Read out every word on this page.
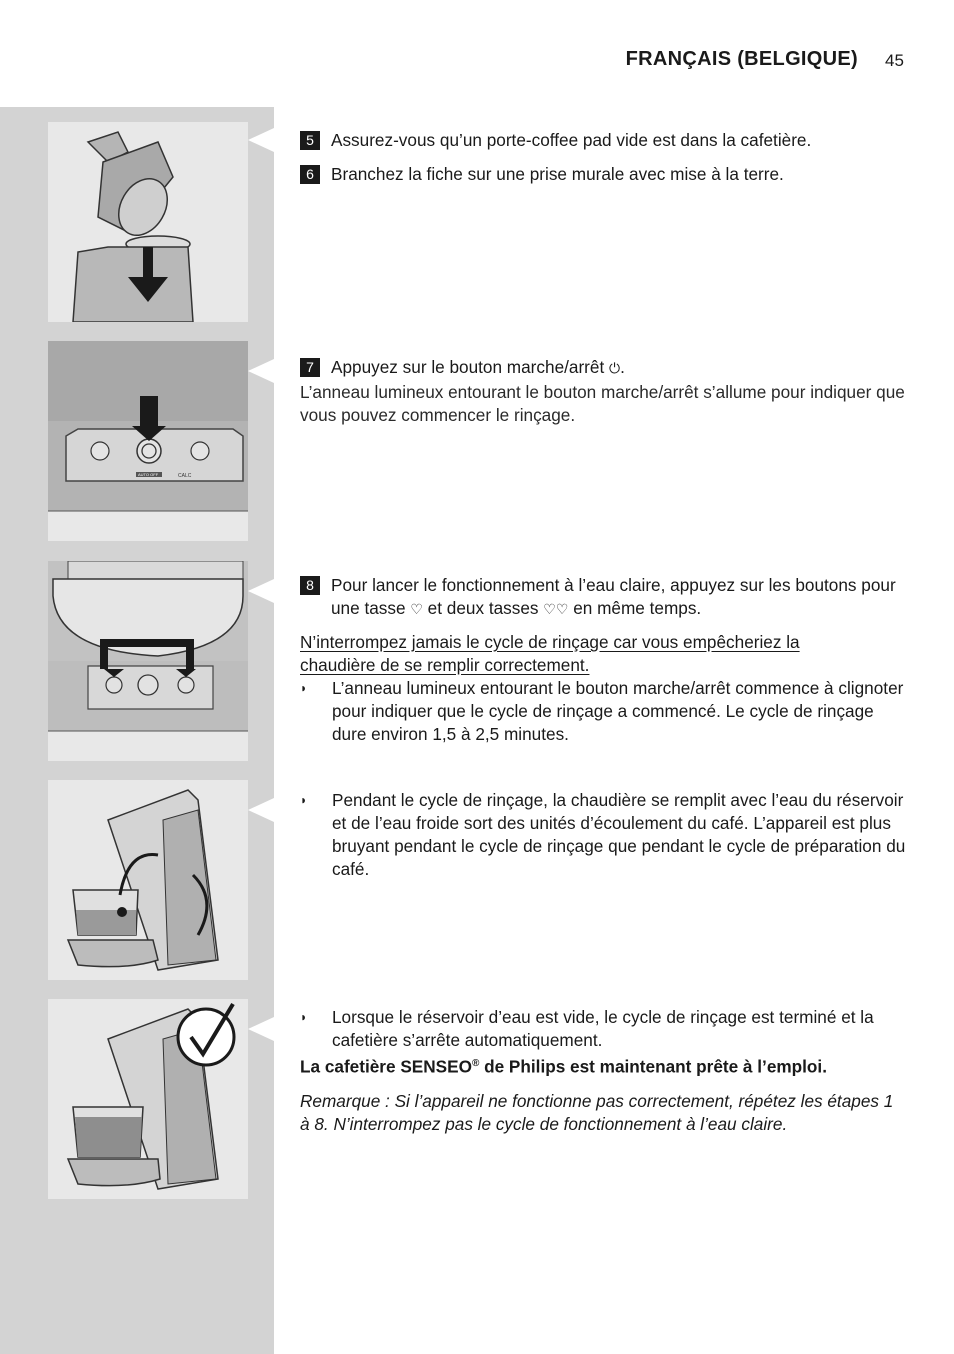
FRANÇAIS (BELGIQUE) 45
AUTO OFF	CALC
5 Assurez-vous qu’un porte-coffee pad vide est dans la cafetière.
6 Branchez la fiche sur une prise murale avec mise à la terre.
7 Appuyez sur le bouton marche/arrêt ⏻.
L’anneau lumineux entourant le bouton marche/arrêt s’allume pour indiquer que vous pouvez commencer le rinçage.
8 Pour lancer le fonctionnement à l’eau claire, appuyez sur les boutons pour une tasse ♡ et deux tasses ♡♡ en même temps.
N’interrompez jamais le cycle de rinçage car vous empêcheriez la chaudière de se remplir correctement.
◗	L’anneau lumineux entourant le bouton marche/arrêt commence à clignoter pour indiquer que le cycle de rinçage a commencé. Le cycle de rinçage dure environ 1,5 à 2,5 minutes.
◗	Pendant le cycle de rinçage, la chaudière se remplit avec l’eau du réservoir et de l’eau froide sort des unités d’écoulement du café. L’appareil est plus bruyant pendant le cycle de rinçage que pendant le cycle de préparation du café.
◗	Lorsque le réservoir d’eau est vide, le cycle de rinçage est terminé et la cafetière s’arrête automatiquement.
La cafetière SENSEO® de Philips est maintenant prête à l’emploi.
Remarque : Si l’appareil ne fonctionne pas correctement, répétez les étapes 1 à 8. N’interrompez pas le cycle de fonctionnement à l’eau claire.
